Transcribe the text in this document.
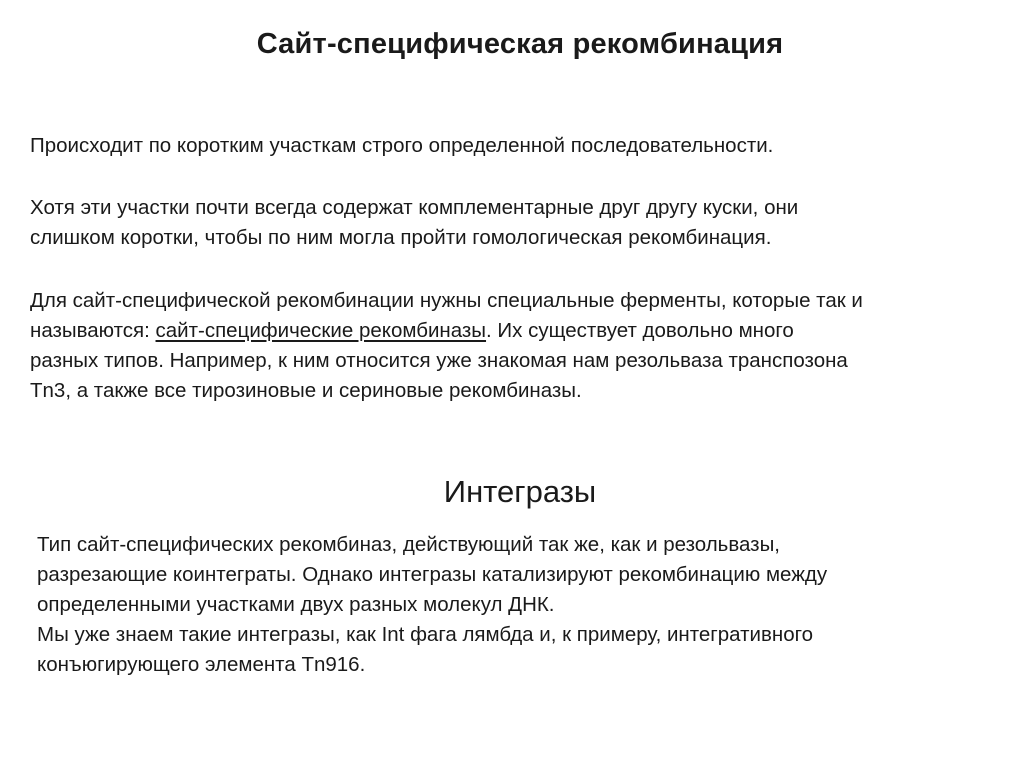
Сайт-специфическая рекомбинация

Происходит по коротким участкам строго определенной последовательности.

Хотя эти участки почти всегда содержат комплементарные друг другу куски, они
слишком коротки, чтобы по ним могла пройти гомологическая рекомбинация.

Для сайт-специфической рекомбинации нужны специальные ферменты, которые так и
называются: сайт-специфические рекомбиназы. Их существует довольно много
разных типов. Например, к ним относится уже знакомая нам резольваза транспозона
Tn3, а также все тирозиновые и сериновые рекомбиназы.

Интегразы

Тип сайт-специфических рекомбиназ, действующий так же, как и резольвазы,
разрезающие коинтеграты. Однако интегразы катализируют рекомбинацию между
определенными участками двух разных молекул ДНК.
Мы уже знаем такие интегразы, как Int фага лямбда и, к примеру, интегративного
конъюгирующего элемента Tn916.
